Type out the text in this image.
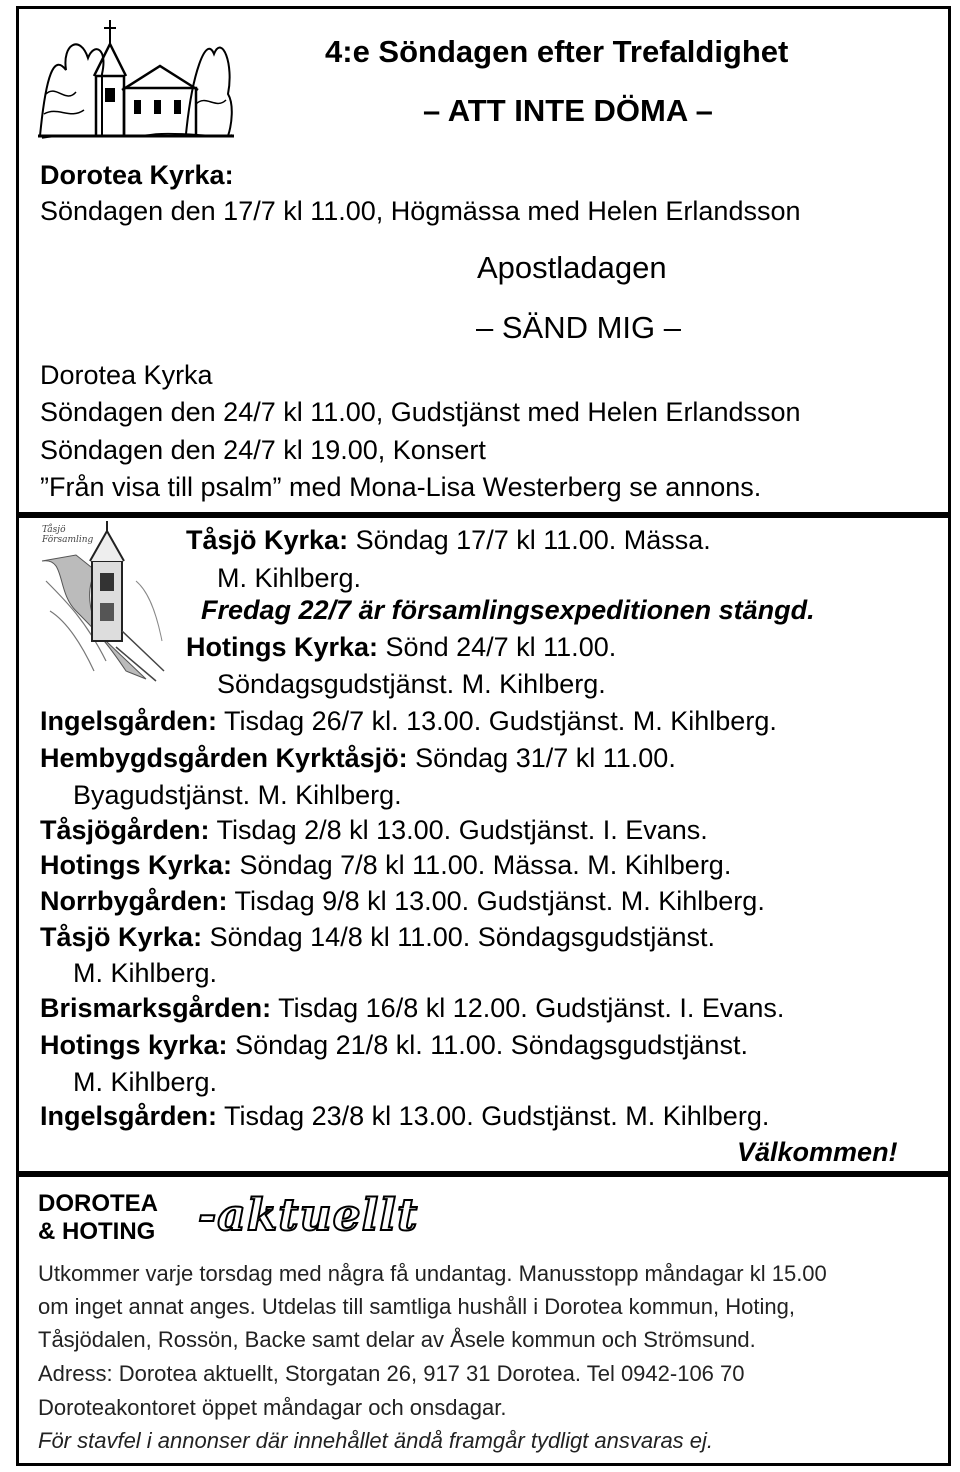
4:e Söndagen efter Trefaldighet
– ATT INTE DÖMA –
Dorotea Kyrka:
Söndagen den 17/7 kl 11.00, Högmässa med Helen Erlandsson
Apostladagen
– SÄND MIG –
Dorotea Kyrka
Söndagen den 24/7 kl 11.00, Gudstjänst med Helen Erlandsson
Söndagen den 24/7 kl 19.00, Konsert
”Från visa till psalm” med Mona-Lisa Westerberg se annons.
Tåsjö Församling	Tåsjö Kyrka: Söndag 17/7 kl 11.00. Mässa.
M. Kihlberg.
Fredag 22/7 är församlingsexpeditionen stängd.
Hotings Kyrka: Sönd 24/7 kl 11.00.
Söndagsgudstjänst. M. Kihlberg.
Ingelsgården: Tisdag 26/7 kl. 13.00. Gudstjänst. M. Kihlberg.
Hembygdsgården Kyrktåsjö: Söndag 31/7 kl 11.00.
Byagudstjänst. M. Kihlberg.
Tåsjögården: Tisdag 2/8 kl 13.00. Gudstjänst. I. Evans.
Hotings Kyrka: Söndag 7/8 kl 11.00. Mässa. M. Kihlberg.
Norrbygården: Tisdag 9/8 kl 13.00. Gudstjänst. M. Kihlberg.
Tåsjö Kyrka: Söndag 14/8 kl 11.00. Söndagsgudstjänst.
M. Kihlberg.
Brismarksgården: Tisdag 16/8 kl 12.00. Gudstjänst. I. Evans.
Hotings kyrka: Söndag 21/8 kl. 11.00. Söndagsgudstjänst.
M. Kihlberg.
Ingelsgården: Tisdag 23/8 kl 13.00. Gudstjänst. M. Kihlberg.
Välkommen!
DOROTEA
& HOTING -aktuellt
Utkommer varje torsdag med några få undantag. Manusstopp måndagar kl 15.00
om inget annat anges. Utdelas till samtliga hushåll i Dorotea kommun, Hoting,
Tåsjödalen, Rossön, Backe samt delar av Åsele kommun och Strömsund.
Adress: Dorotea aktuellt, Storgatan 26, 917 31 Dorotea. Tel 0942-106 70
Doroteakontoret öppet måndagar och onsdagar.
För stavfel i annonser där innehållet ändå framgår tydligt ansvaras ej.
